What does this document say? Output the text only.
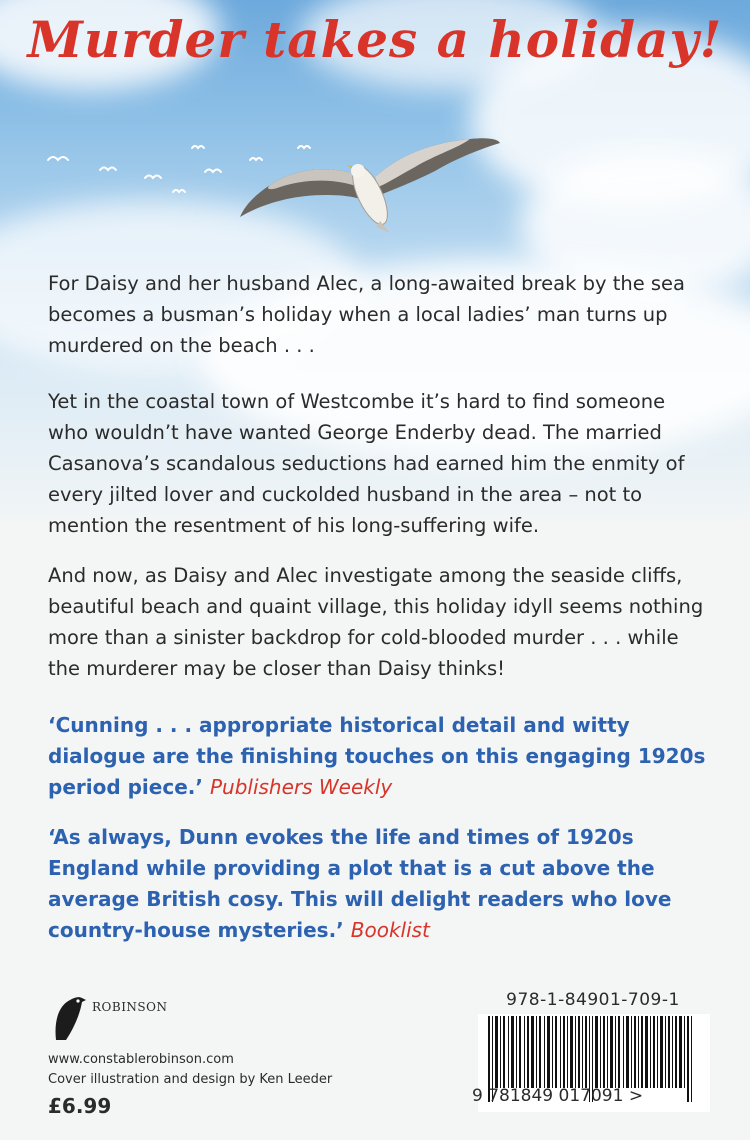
Murder takes a holiday!

For Daisy and her husband Alec, a long-awaited break by the sea becomes a busman’s holiday when a local ladies’ man turns up murdered on the beach . . .

Yet in the coastal town of Westcombe it’s hard to find someone who wouldn’t have wanted George Enderby dead. The married Casanova’s scandalous seductions had earned him the enmity of every jilted lover and cuckolded husband in the area – not to mention the resentment of his long-suffering wife.

And now, as Daisy and Alec investigate among the seaside cliffs, beautiful beach and quaint village, this holiday idyll seems nothing more than a sinister backdrop for cold-blooded murder . . . while the murderer may be closer than Daisy thinks!

‘Cunning . . . appropriate historical detail and witty dialogue are the finishing touches on this engaging 1920s period piece.’ Publishers Weekly

‘As always, Dunn evokes the life and times of 1920s England while providing a plot that is a cut above the average British cosy. This will delight readers who love country-house mysteries.’ Booklist

ROBINSON
www.constablerobinson.com
Cover illustration and design by Ken Leeder
£6.99
978-1-84901-709-1
9 781849 017091 >
